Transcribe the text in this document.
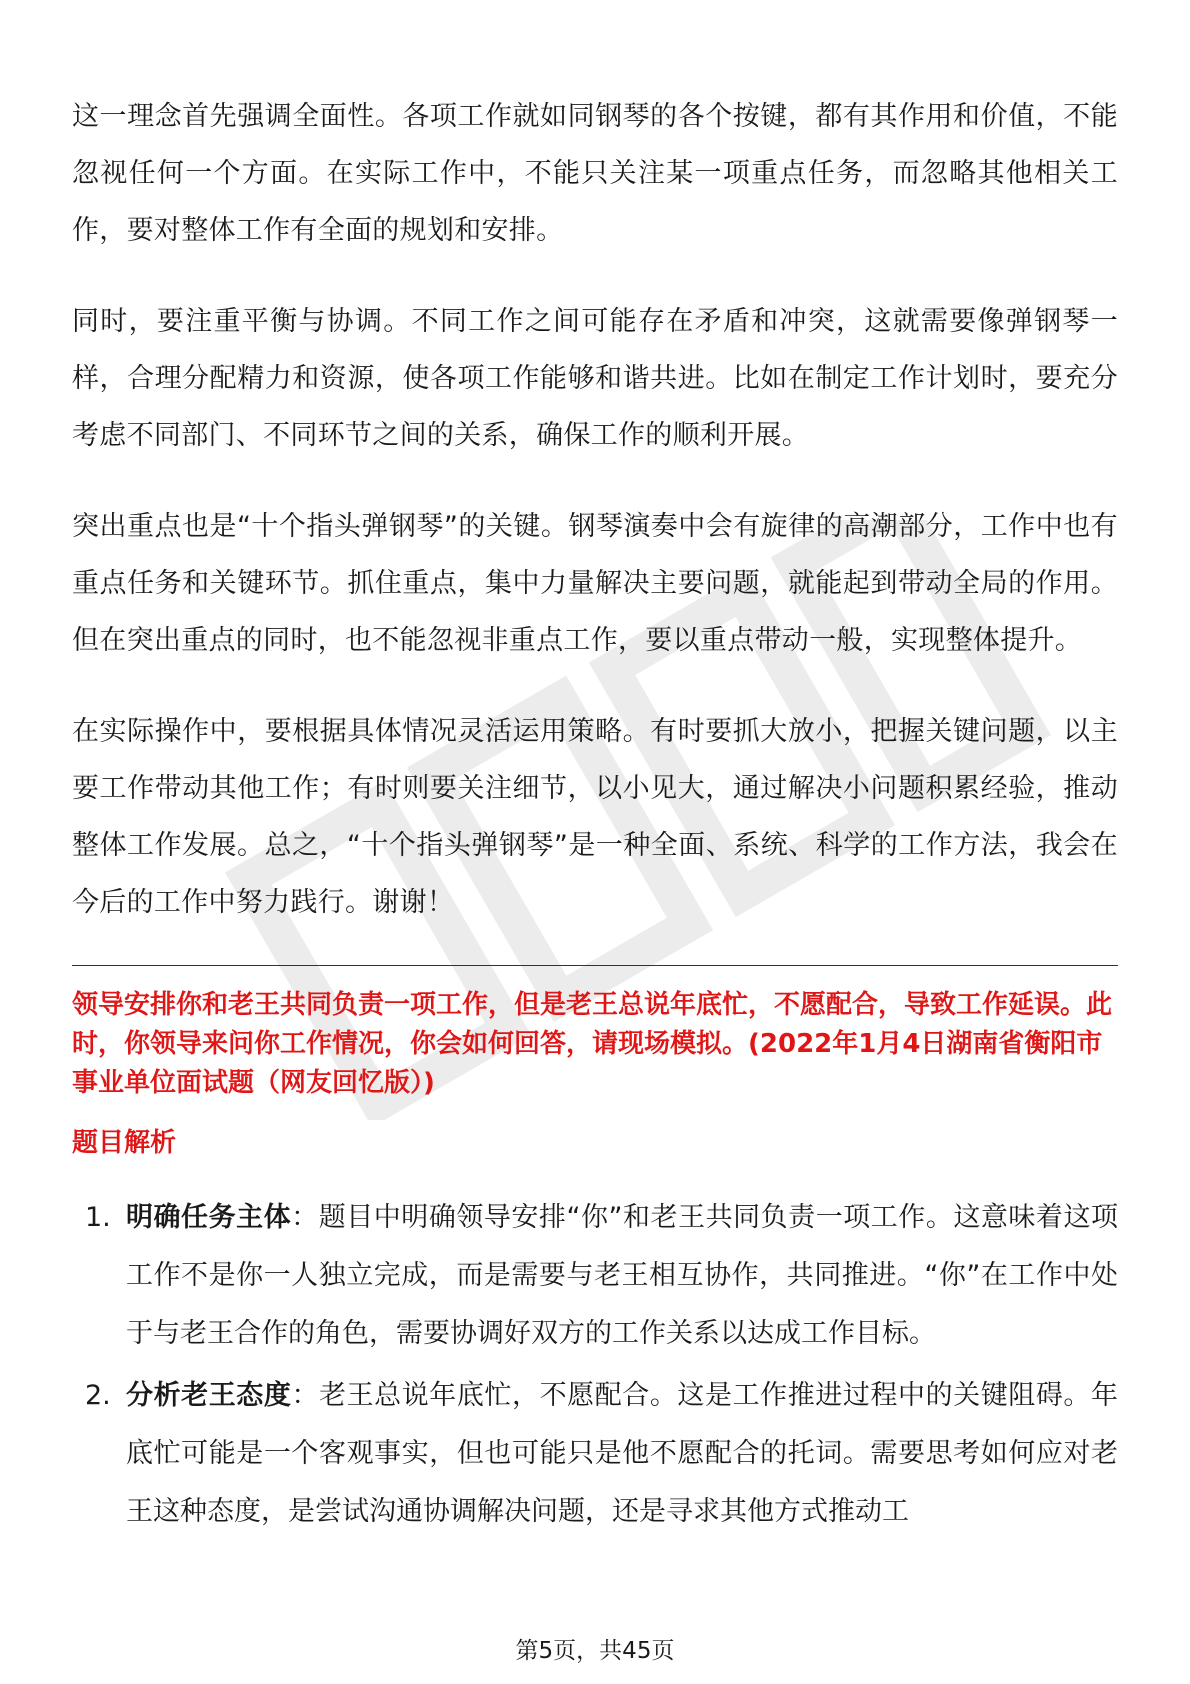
这一理念首先强调全面性。各项工作就如同钢琴的各个按键，都有其作用和价值，不能忽视任何一个方面。在实际工作中，不能只关注某一项重点任务，而忽略其他相关工作，要对整体工作有全面的规划和安排。

同时，要注重平衡与协调。不同工作之间可能存在矛盾和冲突，这就需要像弹钢琴一样，合理分配精力和资源，使各项工作能够和谐共进。比如在制定工作计划时，要充分考虑不同部门、不同环节之间的关系，确保工作的顺利开展。

突出重点也是“十个指头弹钢琴”的关键。钢琴演奏中会有旋律的高潮部分，工作中也有重点任务和关键环节。抓住重点，集中力量解决主要问题，就能起到带动全局的作用。但在突出重点的同时，也不能忽视非重点工作，要以重点带动一般，实现整体提升。

在实际操作中，要根据具体情况灵活运用策略。有时要抓大放小，把握关键问题，以主要工作带动其他工作；有时则要关注细节，以小见大，通过解决小问题积累经验，推动整体工作发展。总之，“十个指头弹钢琴”是一种全面、系统、科学的工作方法，我会在今后的工作中努力践行。谢谢！

领导安排你和老王共同负责一项工作，但是老王总说年底忙，不愿配合，导致工作延误。此时，你领导来问你工作情况，你会如何回答，请现场模拟。(2022年1月4日湖南省衡阳市事业单位面试题（网友回忆版）)
题目解析
1. 明确任务主体：题目中明确领导安排“你”和老王共同负责一项工作。这意味着这项工作不是你一人独立完成，而是需要与老王相互协作，共同推进。“你”在工作中处于与老王合作的角色，需要协调好双方的工作关系以达成工作目标。
2. 分析老王态度：老王总说年底忙，不愿配合。这是工作推进过程中的关键阻碍。年底忙可能是一个客观事实，但也可能只是他不愿配合的托词。需要思考如何应对老王这种态度，是尝试沟通协调解决问题，还是寻求其他方式推动工
第5页，共45页
